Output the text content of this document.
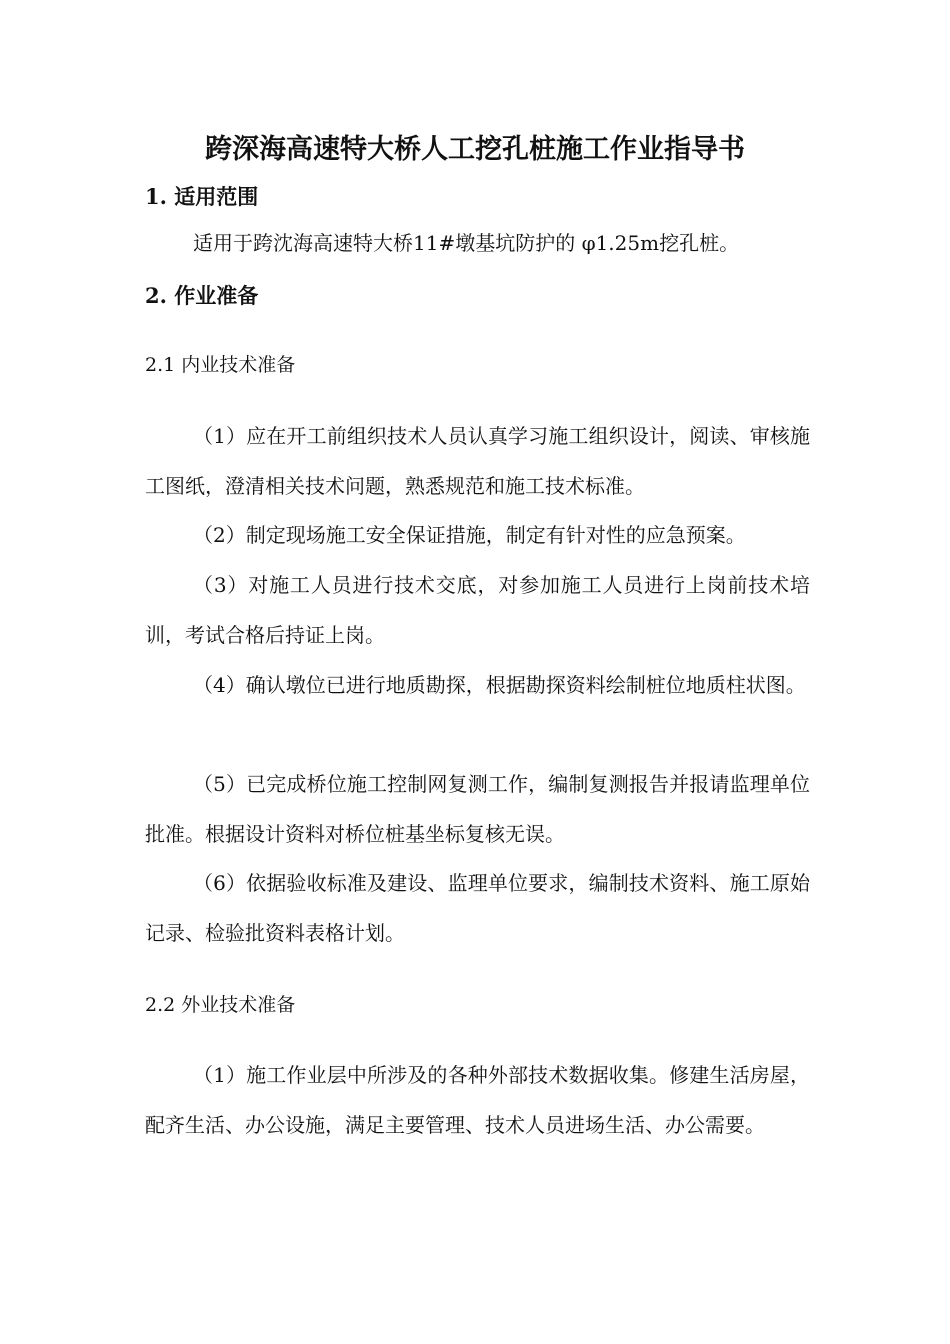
跨深海高速特大桥人工挖孔桩施工作业指导书
1. 适用范围

适用于跨沈海高速特大桥11#墩基坑防护的 φ1.25m挖孔桩。

2. 作业准备
2.1 内业技术准备

（1）应在开工前组织技术人员认真学习施工组织设计，阅读、审核施工图纸，澄清相关技术问题，熟悉规范和施工技术标准。

（2）制定现场施工安全保证措施，制定有针对性的应急预案。

（3）对施工人员进行技术交底，对参加施工人员进行上岗前技术培训，考试合格后持证上岗。

（4）确认墩位已进行地质勘探，根据勘探资料绘制桩位地质柱状图。

（5）已完成桥位施工控制网复测工作，编制复测报告并报请监理单位批准。根据设计资料对桥位桩基坐标复核无误。

（6）依据验收标准及建设、监理单位要求，编制技术资料、施工原始记录、检验批资料表格计划。

2.2 外业技术准备

（1）施工作业层中所涉及的各种外部技术数据收集。修建生活房屋，配齐生活、办公设施，满足主要管理、技术人员进场生活、办公需要。
